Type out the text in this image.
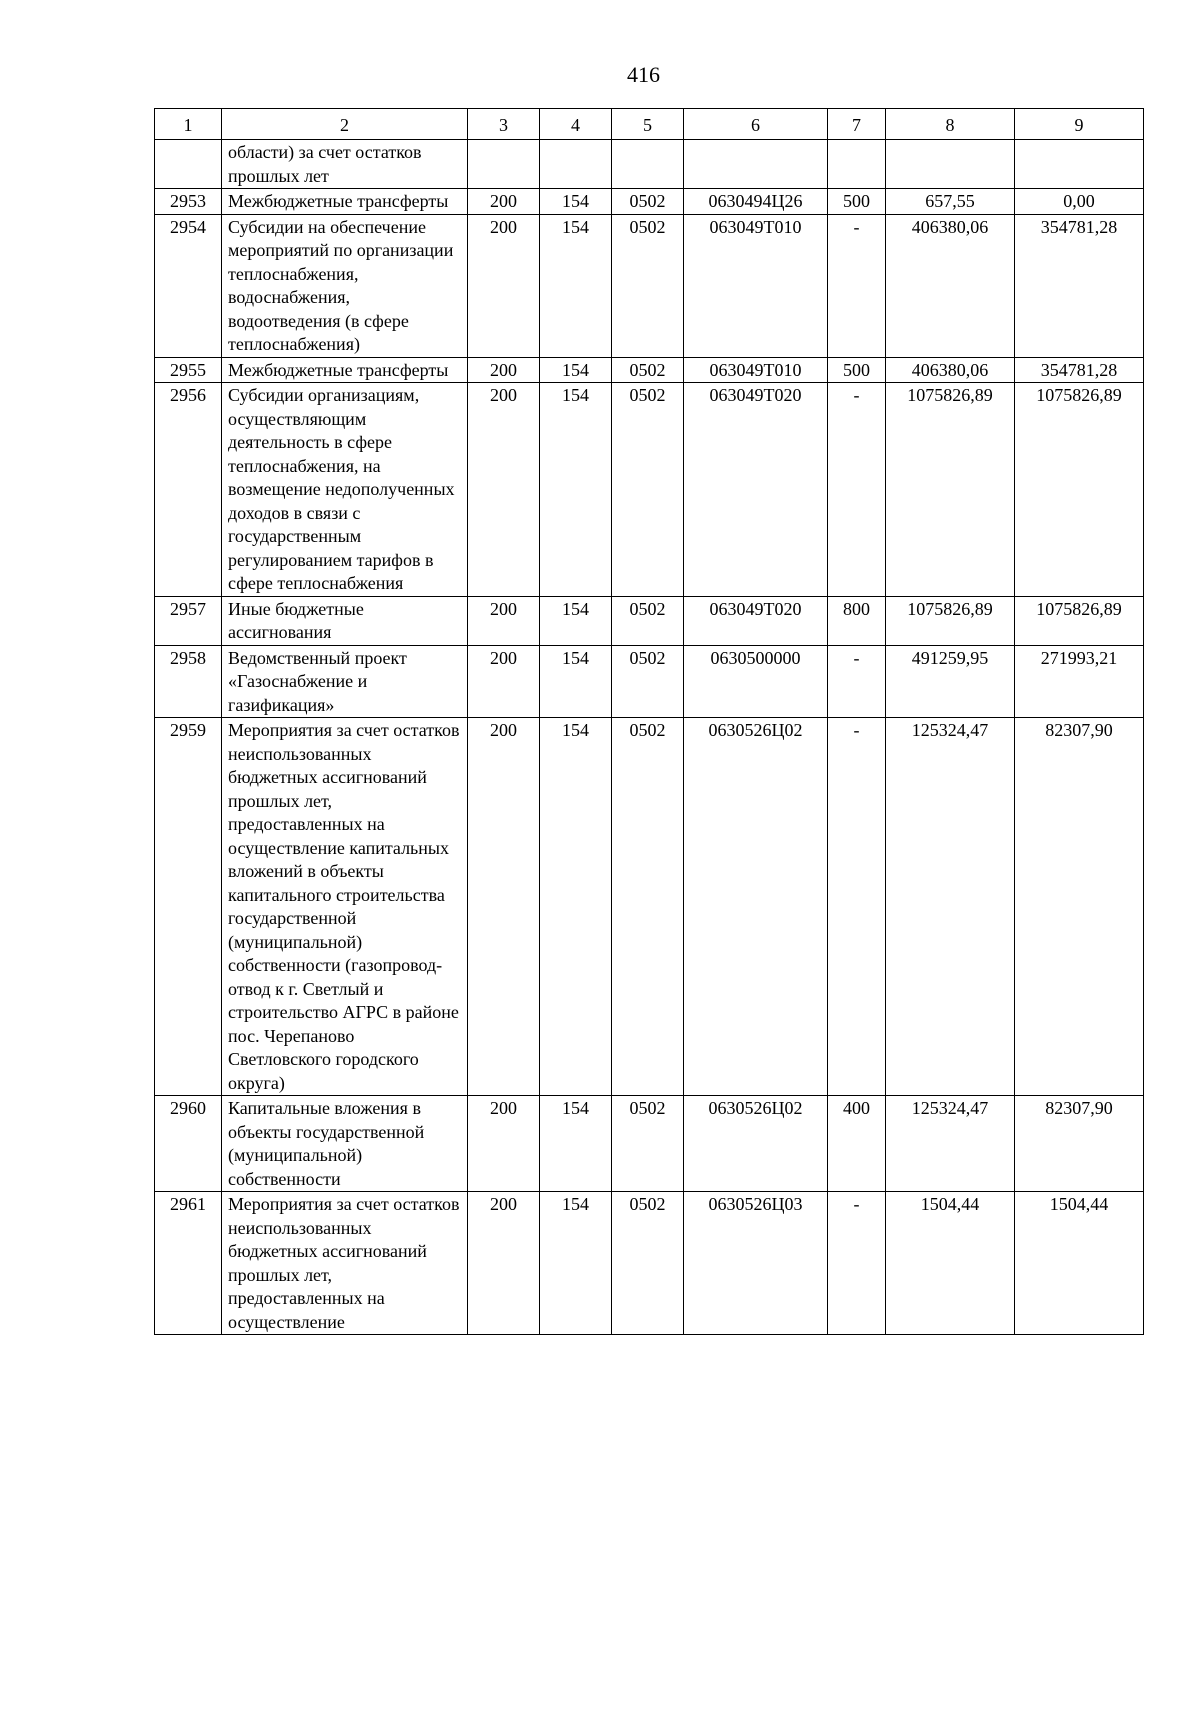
416
1	2	3	4	5	6	7	8	9
	области) за счет остатков прошлых лет							
2953	Межбюджетные трансферты	200	154	0502	0630494Ц26	500	657,55	0,00
2954	Субсидии на обеспечение мероприятий по организации теплоснабжения, водоснабжения, водоотведения (в сфере теплоснабжения)	200	154	0502	063049T010	-	406380,06	354781,28
2955	Межбюджетные трансферты	200	154	0502	063049T010	500	406380,06	354781,28
2956	Субсидии организациям, осуществляющим деятельность в сфере теплоснабжения, на возмещение недополученных доходов в связи с государственным регулированием тарифов в сфере теплоснабжения	200	154	0502	063049T020	-	1075826,89	1075826,89
2957	Иные бюджетные ассигнования	200	154	0502	063049T020	800	1075826,89	1075826,89
2958	Ведомственный проект «Газоснабжение и газификация»	200	154	0502	0630500000	-	491259,95	271993,21
2959	Мероприятия за счет остатков неиспользованных бюджетных ассигнований прошлых лет, предоставленных на осуществление капитальных вложений в объекты капитального строительства государственной (муниципальной) собственности (газопровод-отвод к г. Светлый и строительство АГРС в районе пос. Черепаново Светловского городского округа)	200	154	0502	0630526Ц02	-	125324,47	82307,90
2960	Капитальные вложения в объекты государственной (муниципальной) собственности	200	154	0502	0630526Ц02	400	125324,47	82307,90
2961	Мероприятия за счет остатков неиспользованных бюджетных ассигнований прошлых лет, предоставленных на осуществление	200	154	0502	0630526Ц03	-	1504,44	1504,44
